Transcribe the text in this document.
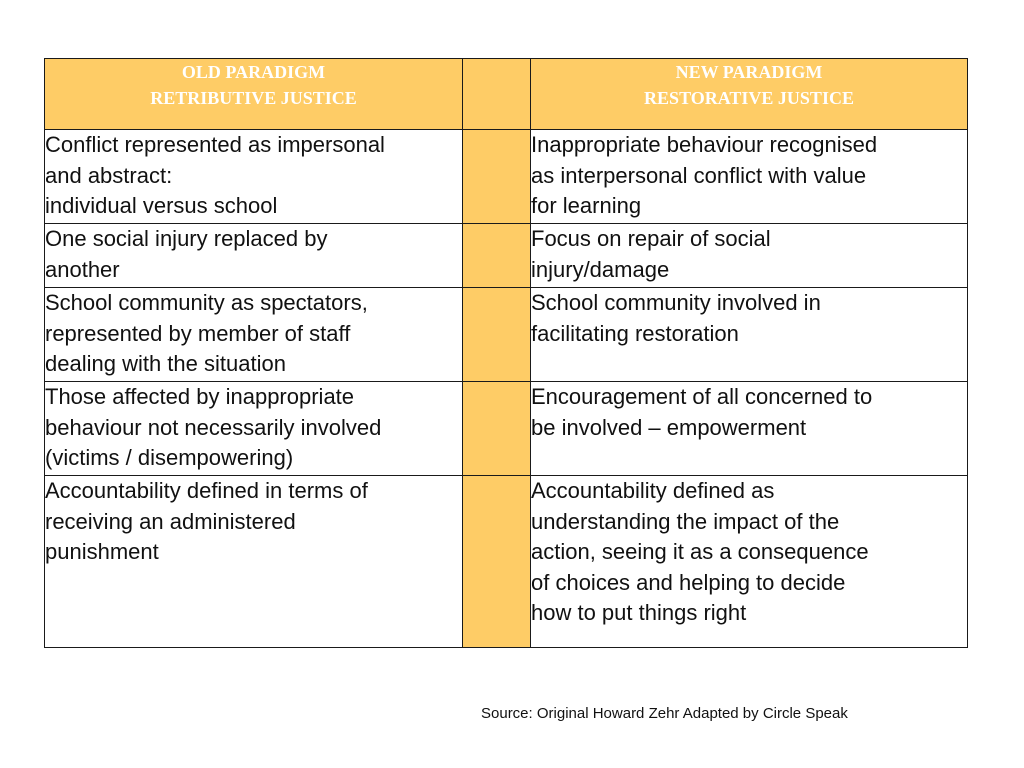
OLD PARADIGM
RETRIBUTIVE JUSTICE		NEW PARADIGM
RESTORATIVE JUSTICE

Conflict represented as impersonal
and abstract:
individual versus school		Inappropriate behaviour recognised
as interpersonal conflict with value
for learning

One social injury replaced by
another		Focus on repair of social
injury/damage

School community as spectators,
represented by member of staff
dealing with the situation		School community involved in
facilitating restoration

Those affected by inappropriate
behaviour not necessarily involved
(victims / disempowering)		Encouragement of all concerned to
be involved – empowerment

Accountability defined in terms of
receiving an administered
punishment		Accountability defined as
understanding the impact of the
action, seeing it as a consequence
of choices and helping to decide
how to put things right
Source: Original Howard Zehr Adapted by Circle Speak
